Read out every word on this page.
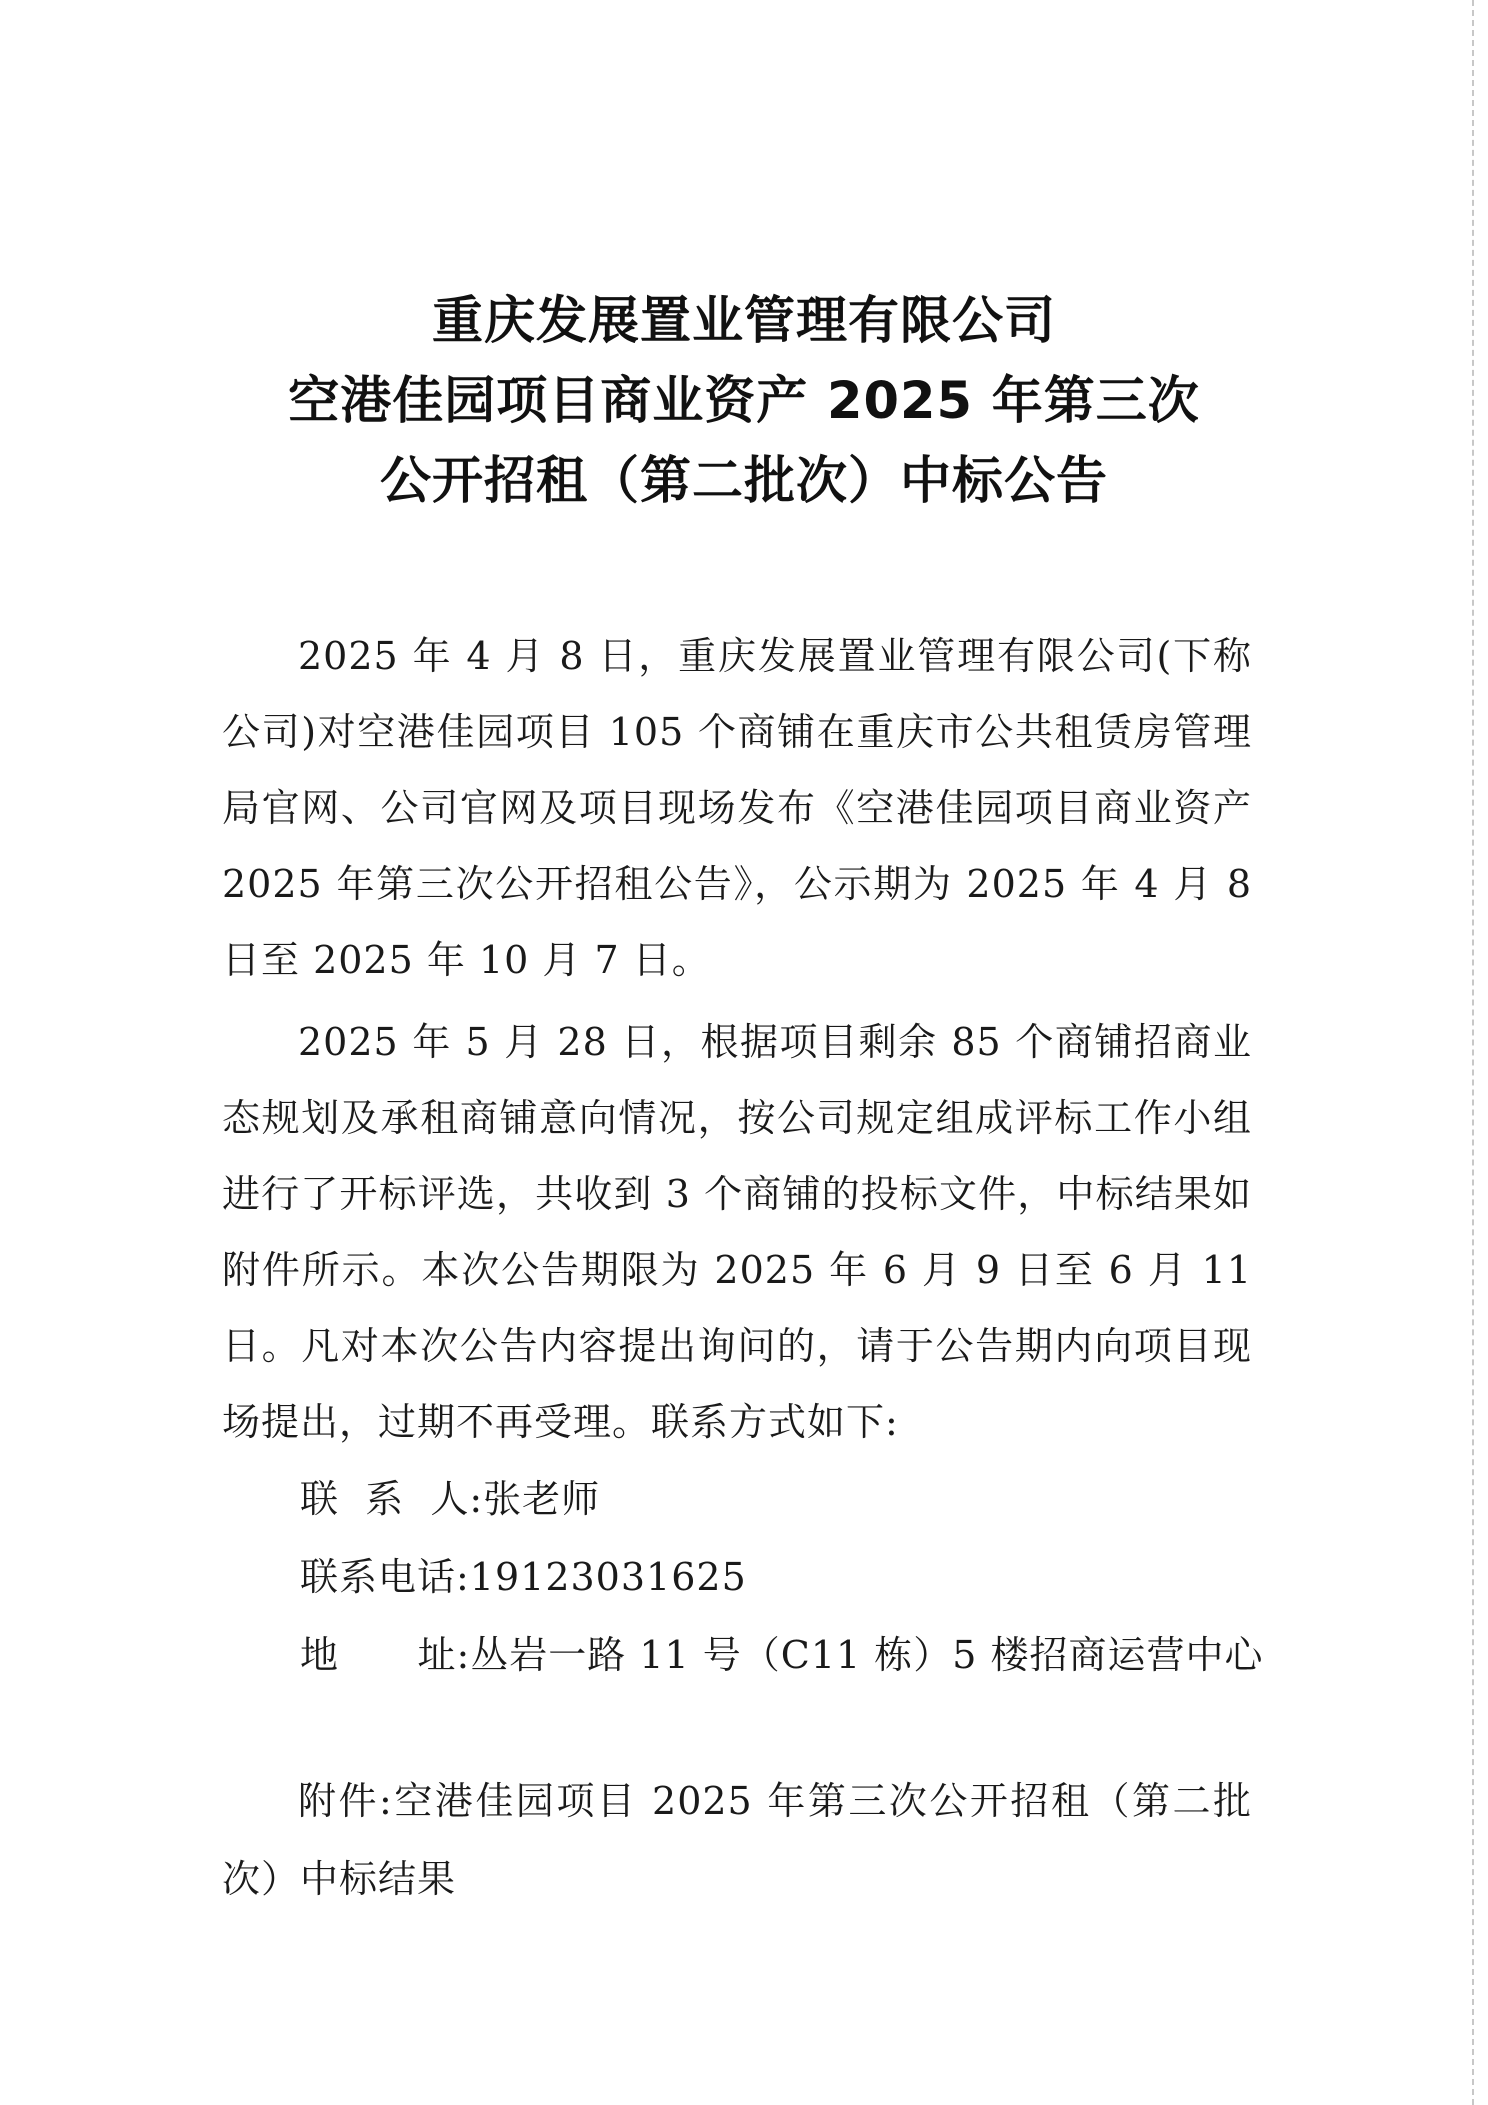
重庆发展置业管理有限公司
空港佳园项目商业资产 2025 年第三次
公开招租（第二批次）中标公告

2025 年 4 月 8 日，重庆发展置业管理有限公司(下称公司)对空港佳园项目 105 个商铺在重庆市公共租赁房管理局官网、公司官网及项目现场发布《空港佳园项目商业资产 2025 年第三次公开招租公告》，公示期为 2025 年 4 月 8 日至 2025 年 10 月 7 日。

2025 年 5 月 28 日，根据项目剩余 85 个商铺招商业态规划及承租商铺意向情况，按公司规定组成评标工作小组进行了开标评选，共收到 3 个商铺的投标文件，中标结果如附件所示。本次公告期限为 2025 年 6 月 9 日至 6 月 11 日。凡对本次公告内容提出询问的，请于公告期内向项目现场提出，过期不再受理。联系方式如下:

联  系  人:张老师
联系电话:19123031625
地      址:丛岩一路 11 号（C11 栋）5 楼招商运营中心

附件:空港佳园项目 2025 年第三次公开招租（第二批次）中标结果
